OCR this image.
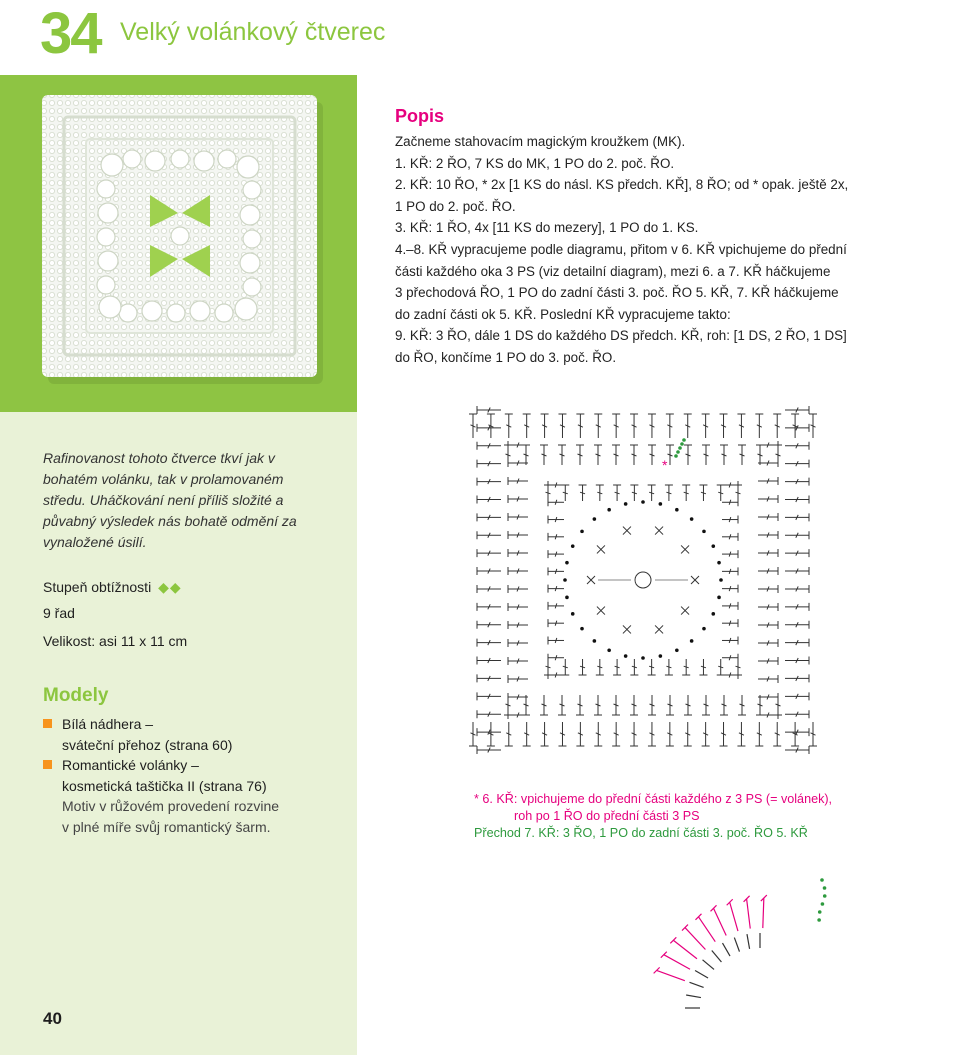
34 Velký volánkový čtverec
Popis
Začneme stahovacím magickým kroužkem (MK).
1. KŘ: 2 ŘO, 7 KS do MK, 1 PO do 2. poč. ŘO.
2. KŘ: 10 ŘO, * 2x [1 KS do násl. KS předch. KŘ], 8 ŘO; od * opak. ještě 2x,
1 PO do 2. poč. ŘO.
3. KŘ: 1 ŘO, 4x [11 KS do mezery], 1 PO do 1. KS.
4.–8. KŘ vypracujeme podle diagramu, přitom v 6. KŘ vpichujeme do přední
části každého oka 3 PS (viz detailní diagram), mezi 6. a 7. KŘ háčkujeme
3 přechodová ŘO, 1 PO do zadní části 3. poč. ŘO 5. KŘ, 7. KŘ háčkujeme
do zadní části ok 5. KŘ. Poslední KŘ vypracujeme takto:
9. KŘ: 3 ŘO, dále 1 DS do každého DS předch. KŘ, roh: [1 DS, 2 ŘO, 1 DS]
do ŘO, končíme 1 PO do 3. poč. ŘO.
Rafinovanost tohoto čtverce tkví jak v bohatém volánku, tak v prolamovaném středu. Uháčkování není příliš složité a půvabný výsledek nás bohatě odmění za vynaložené úsilí.
Stupeň obtížnosti ◆◆
9 řad
Velikost: asi 11 x 11 cm
Modely
Bílá nádhera –
sváteční přehoz (strana 60)
Romantické volánky –
kosmetická taštička II (strana 76)
Motiv v růžovém provedení rozvine
v plné míře svůj romantický šarm.
40
*
* 6. KŘ: vpichujeme do přední části každého z 3 PS (= volánek),
roh po 1 ŘO do přední části 3 PS
Přechod 7. KŘ: 3 ŘO, 1 PO do zadní části 3. poč. ŘO 5. KŘ
